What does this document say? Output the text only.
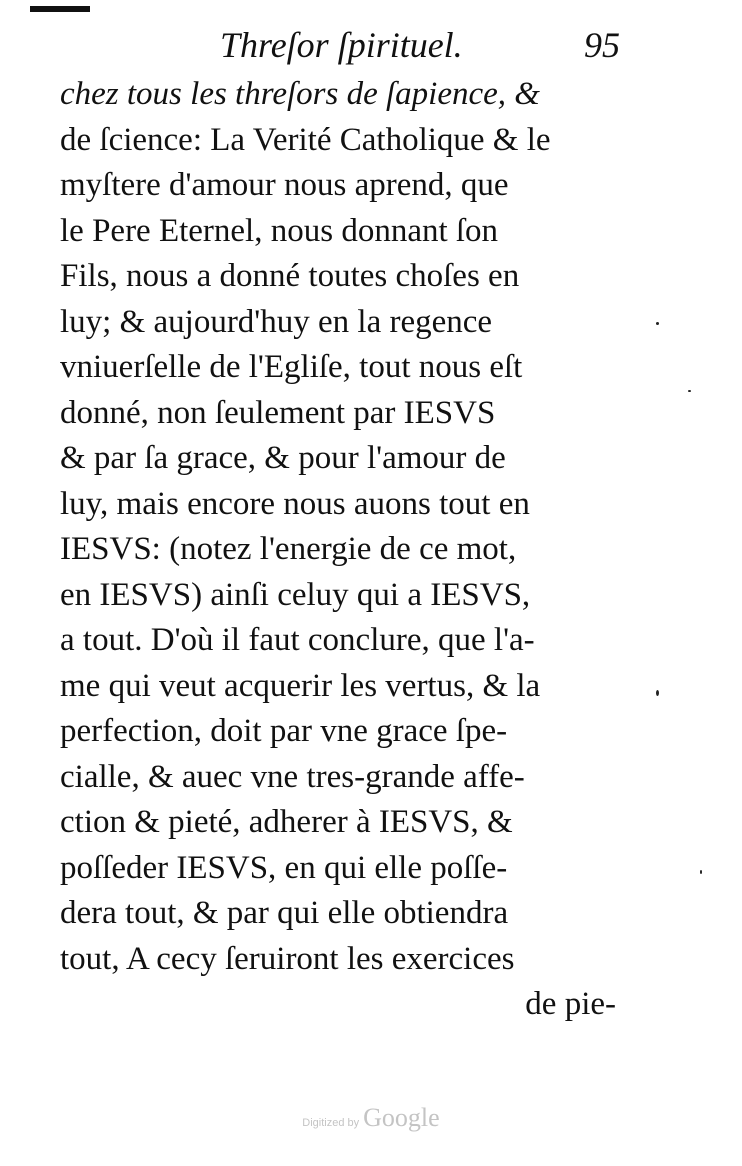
Threſor ſpirituel.	95
chez tous les threſors de ſapience, &
de ſcience: La Verité Catholique & le
myſtere d'amour nous aprend, que
le Pere Eternel, nous donnant ſon
Fils, nous a donné toutes choſes en
luy; & aujourd'huy en la regence
vniuerſelle de l'Egliſe, tout nous eſt
donné, non ſeulement par IESVS
& par ſa grace, & pour l'amour de
luy, mais encore nous auons tout en
IESVS: (notez l'energie de ce mot,
en IESVS) ainſi celuy qui a IESVS,
a tout. D'où il faut conclure, que l'a-
me qui veut acquerir les vertus, & la
perfection, doit par vne grace ſpe-
cialle, & auec vne tres-grande affe-
ction & pieté, adherer à IESVS, &
poſſeder IESVS, en qui elle poſſe-
dera tout, & par qui elle obtiendra
tout, A cecy ſeruiront les exercices
de pie-
Digitized by Google
